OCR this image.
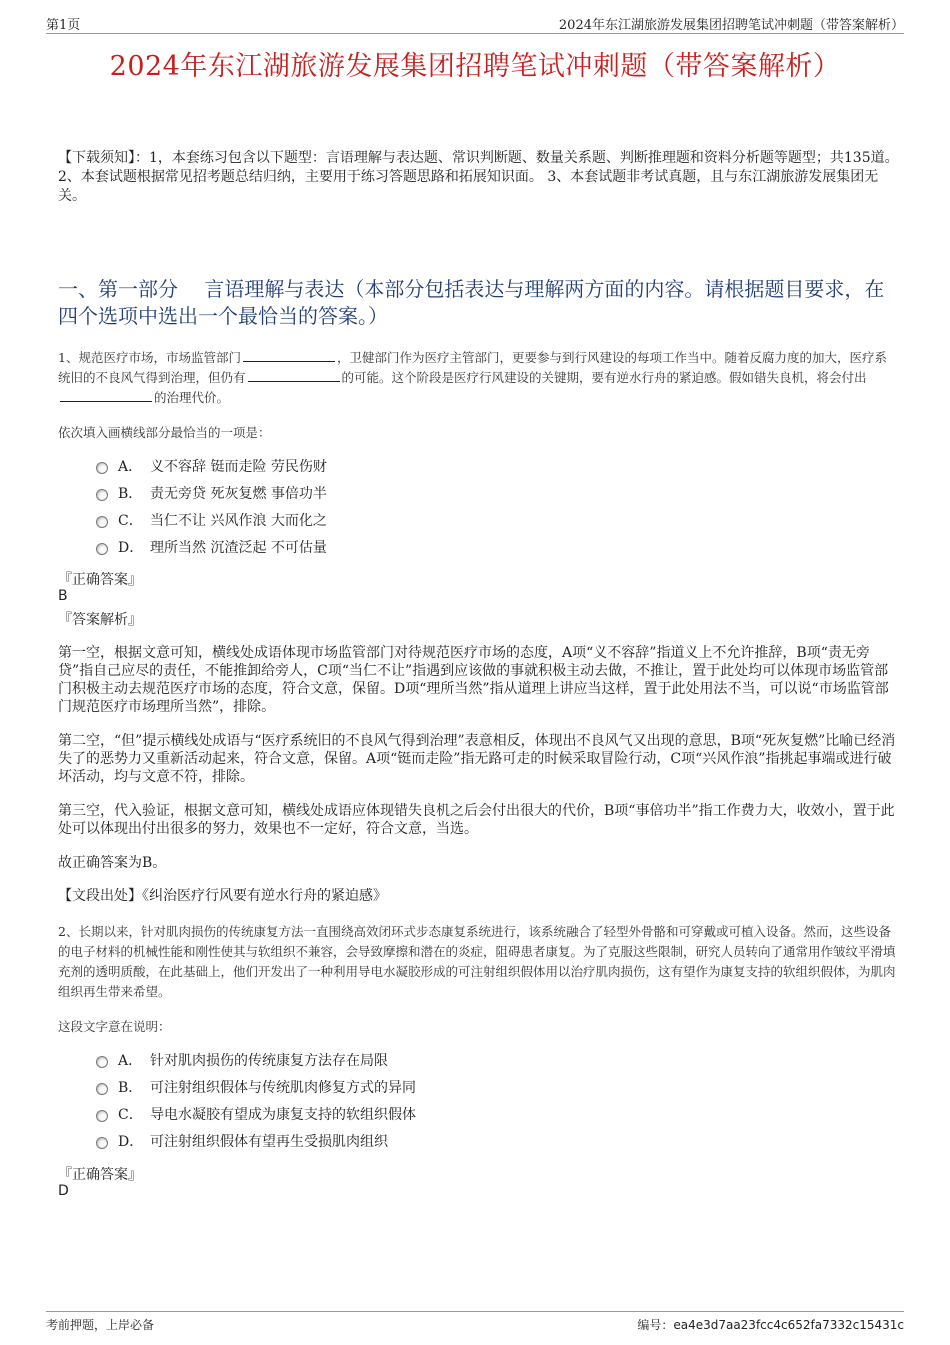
第1页	2024年东江湖旅游发展集团招聘笔试冲刺题（带答案解析）
2024年东江湖旅游发展集团招聘笔试冲刺题（带答案解析）
【下载须知】：1，本套练习包含以下题型：言语理解与表达题、常识判断题、数量关系题、判断推理题和资料分析题等题型；共135道。 2、本套试题根据常见招考题总结归纳，主要用于练习答题思路和拓展知识面。 3、本套试题非考试真题，且与东江湖旅游发展集团无关。
一、第一部分　 言语理解与表达（本部分包括表达与理解两方面的内容。请根据题目要求，在四个选项中选出一个最恰当的答案。）
1、规范医疗市场，市场监管部门	，卫健部门作为医疗主管部门，更要参与到行风建设的每项工作当中。随着反腐力度的加大，医疗系统旧的不良风气得到治理，但仍有	的可能。这个阶段是医疗行风建设的关键期，要有逆水行舟的紧迫感。假如错失良机，将会付出的治理代价。
依次填入画横线部分最恰当的一项是：
A． 义不容辞 铤而走险 劳民伤财
B． 责无旁贷 死灰复燃 事倍功半
C． 当仁不让 兴风作浪 大而化之
D． 理所当然 沉渣泛起 不可估量
『正确答案』
B
『答案解析』
第一空，根据文意可知，横线处成语体现市场监管部门对待规范医疗市场的态度，A项“义不容辞”指道义上不允许推辞，B项“责无旁贷”指自己应尽的责任，不能推卸给旁人，C项“当仁不让”指遇到应该做的事就积极主动去做，不推让，置于此处均可以体现市场监管部门积极主动去规范医疗市场的态度，符合文意，保留。D项“理所当然”指从道理上讲应当这样，置于此处用法不当，可以说“市场监管部门规范医疗市场理所当然”，排除。
第二空，“但”提示横线处成语与“医疗系统旧的不良风气得到治理”表意相反，体现出不良风气又出现的意思，B项“死灰复燃”比喻已经消失了的恶势力又重新活动起来，符合文意，保留。A项“铤而走险”指无路可走的时候采取冒险行动，C项“兴风作浪”指挑起事端或进行破坏活动，均与文意不符，排除。
第三空，代入验证，根据文意可知，横线处成语应体现错失良机之后会付出很大的代价，B项“事倍功半”指工作费力大，收效小，置于此处可以体现出付出很多的努力，效果也不一定好，符合文意，当选。
故正确答案为B。
【文段出处】《纠治医疗行风要有逆水行舟的紧迫感》
2、长期以来，针对肌肉损伤的传统康复方法一直围绕高效闭环式步态康复系统进行，该系统融合了轻型外骨骼和可穿戴或可植入设备。然而，这些设备的电子材料的机械性能和刚性使其与软组织不兼容，会导致摩擦和潜在的炎症，阻碍患者康复。为了克服这些限制，研究人员转向了通常用作皱纹平滑填充剂的透明质酸，在此基础上，他们开发出了一种利用导电水凝胶形成的可注射组织假体用以治疗肌肉损伤，这有望作为康复支持的软组织假体，为肌肉组织再生带来希望。
这段文字意在说明：
A． 针对肌肉损伤的传统康复方法存在局限
B． 可注射组织假体与传统肌肉修复方式的异同
C． 导电水凝胶有望成为康复支持的软组织假体
D． 可注射组织假体有望再生受损肌肉组织
『正确答案』
D
考前押题，上岸必备	编号：ea4e3d7aa23fcc4c652fa7332c15431c
